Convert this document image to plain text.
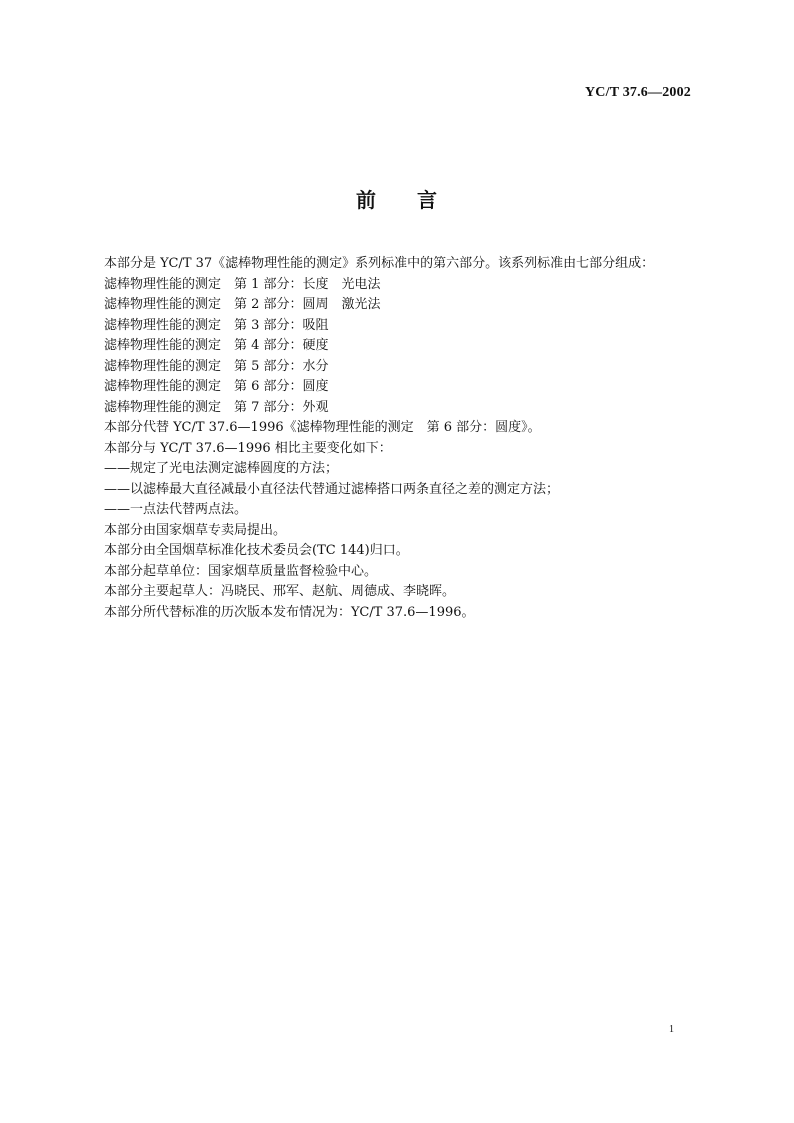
YC/T 37.6—2002
前 言
本部分是 YC/T 37《滤棒物理性能的测定》系列标准中的第六部分。该系列标准由七部分组成：
滤棒物理性能的测定　第 1 部分：长度　光电法
滤棒物理性能的测定　第 2 部分：圆周　激光法
滤棒物理性能的测定　第 3 部分：吸阻
滤棒物理性能的测定　第 4 部分：硬度
滤棒物理性能的测定　第 5 部分：水分
滤棒物理性能的测定　第 6 部分：圆度
滤棒物理性能的测定　第 7 部分：外观
本部分代替 YC/T 37.6—1996《滤棒物理性能的测定　第 6 部分：圆度》。
本部分与 YC/T 37.6—1996 相比主要变化如下：
——规定了光电法测定滤棒圆度的方法；
——以滤棒最大直径减最小直径法代替通过滤棒搭口两条直径之差的测定方法；
——一点法代替两点法。
本部分由国家烟草专卖局提出。
本部分由全国烟草标准化技术委员会(TC 144)归口。
本部分起草单位：国家烟草质量监督检验中心。
本部分主要起草人：冯晓民、邢军、赵航、周德成、李晓晖。
本部分所代替标准的历次版本发布情况为：YC/T 37.6—1996。
1
